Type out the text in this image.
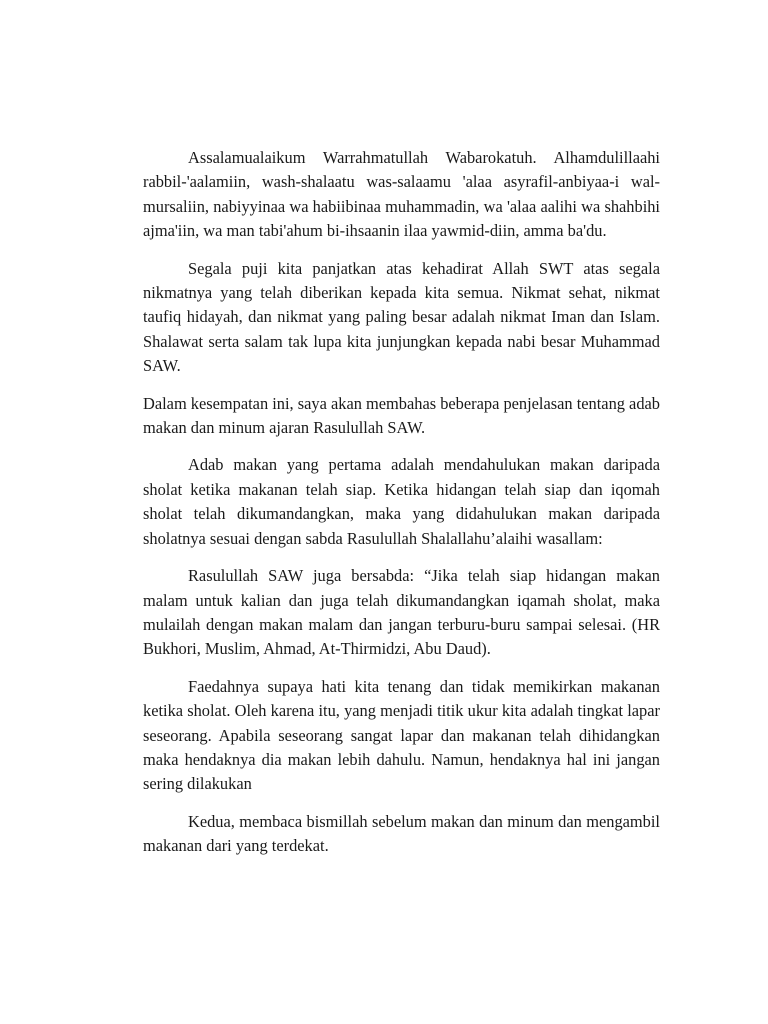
Assalamualaikum Warrahmatullah Wabarokatuh. Alhamdulillaahi rabbil-'aalamiin, wash-shalaatu was-salaamu 'alaa asyrafil-anbiyaa-i wal-mursaliin, nabiyyinaa wa habiibinaa muhammadin, wa 'alaa aalihi wa shahbihi ajma'iin, wa man tabi'ahum bi-ihsaanin ilaa yawmid-diin, amma ba'du.

Segala puji kita panjatkan atas kehadirat Allah SWT atas segala nikmatnya yang telah diberikan kepada kita semua. Nikmat sehat, nikmat taufiq hidayah, dan nikmat yang paling besar adalah nikmat Iman dan Islam. Shalawat serta salam tak lupa kita junjungkan kepada nabi besar Muhammad SAW.

Dalam kesempatan ini, saya akan membahas beberapa penjelasan tentang adab makan dan minum ajaran Rasulullah SAW.

Adab makan yang pertama adalah mendahulukan makan daripada sholat ketika makanan telah siap. Ketika hidangan telah siap dan iqomah sholat telah dikumandangkan, maka yang didahulukan makan daripada sholatnya sesuai dengan sabda Rasulullah Shalallahu’alaihi wasallam:

Rasulullah SAW juga bersabda: “Jika telah siap hidangan makan malam untuk kalian dan juga telah dikumandangkan iqamah sholat, maka mulailah dengan makan malam dan jangan terburu-buru sampai selesai. (HR Bukhori, Muslim, Ahmad, At-Thirmidzi, Abu Daud).

Faedahnya supaya hati kita tenang dan tidak memikirkan makanan ketika sholat. Oleh karena itu, yang menjadi titik ukur kita adalah tingkat lapar seseorang. Apabila seseorang sangat lapar dan makanan telah dihidangkan maka hendaknya dia makan lebih dahulu. Namun, hendaknya hal ini jangan sering dilakukan

Kedua, membaca bismillah sebelum makan dan minum dan mengambil makanan dari yang terdekat.
